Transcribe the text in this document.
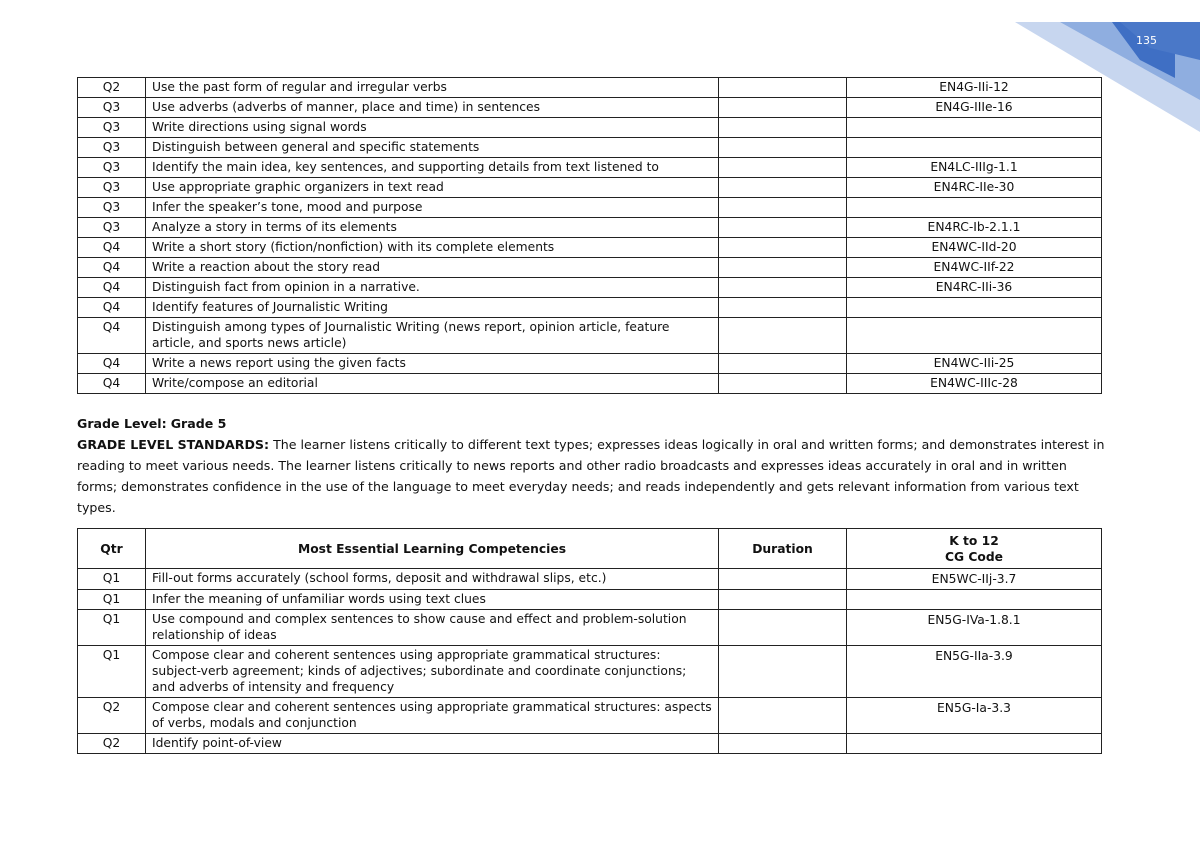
135
Q2	Use the past form of regular and irregular verbs		EN4G-IIi-12
Q3	Use adverbs (adverbs of manner, place and time) in sentences		EN4G-IIIe-16
Q3	Write directions using signal words		
Q3	Distinguish between general and specific statements		
Q3	Identify the main idea, key sentences, and supporting details from text listened to		EN4LC-IIIg-1.1
Q3	Use appropriate graphic organizers in text read		EN4RC-IIe-30
Q3	Infer the speaker’s tone, mood and purpose		
Q3	Analyze a story in terms of its elements		EN4RC-Ib-2.1.1
Q4	Write a short story (fiction/nonfiction) with its complete elements		EN4WC-IId-20
Q4	Write a reaction about the story read		EN4WC-IIf-22
Q4	Distinguish fact from opinion in a narrative.		EN4RC-IIi-36
Q4	Identify features of Journalistic Writing		
Q4	Distinguish among types of Journalistic Writing (news report, opinion article, feature article, and sports news article)		
Q4	Write a news report using the given facts		EN4WC-IIi-25
Q4	Write/compose an editorial		EN4WC-IIIc-28
Grade Level: Grade 5
GRADE LEVEL STANDARDS: The learner listens critically to different text types; expresses ideas logically in oral and written forms; and demonstrates interest in reading to meet various needs. The learner listens critically to news reports and other radio broadcasts and expresses ideas accurately in oral and in written forms; demonstrates confidence in the use of the language to meet everyday needs; and reads independently and gets relevant information from various text types.
Qtr	Most Essential Learning Competencies	Duration	K to 12
CG Code

Q1	Fill-out forms accurately (school forms, deposit and withdrawal slips, etc.)		EN5WC-IIj-3.7
Q1	Infer the meaning of unfamiliar words using text clues		
Q1	Use compound and complex sentences to show cause and effect and problem-solution relationship of ideas		EN5G-IVa-1.8.1
Q1	Compose clear and coherent sentences using appropriate grammatical structures: subject-verb agreement; kinds of adjectives; subordinate and coordinate conjunctions; and adverbs of intensity and frequency		EN5G-IIa-3.9
Q2	Compose clear and coherent sentences using appropriate grammatical structures: aspects of verbs, modals and conjunction		EN5G-Ia-3.3
Q2	Identify point-of-view		
